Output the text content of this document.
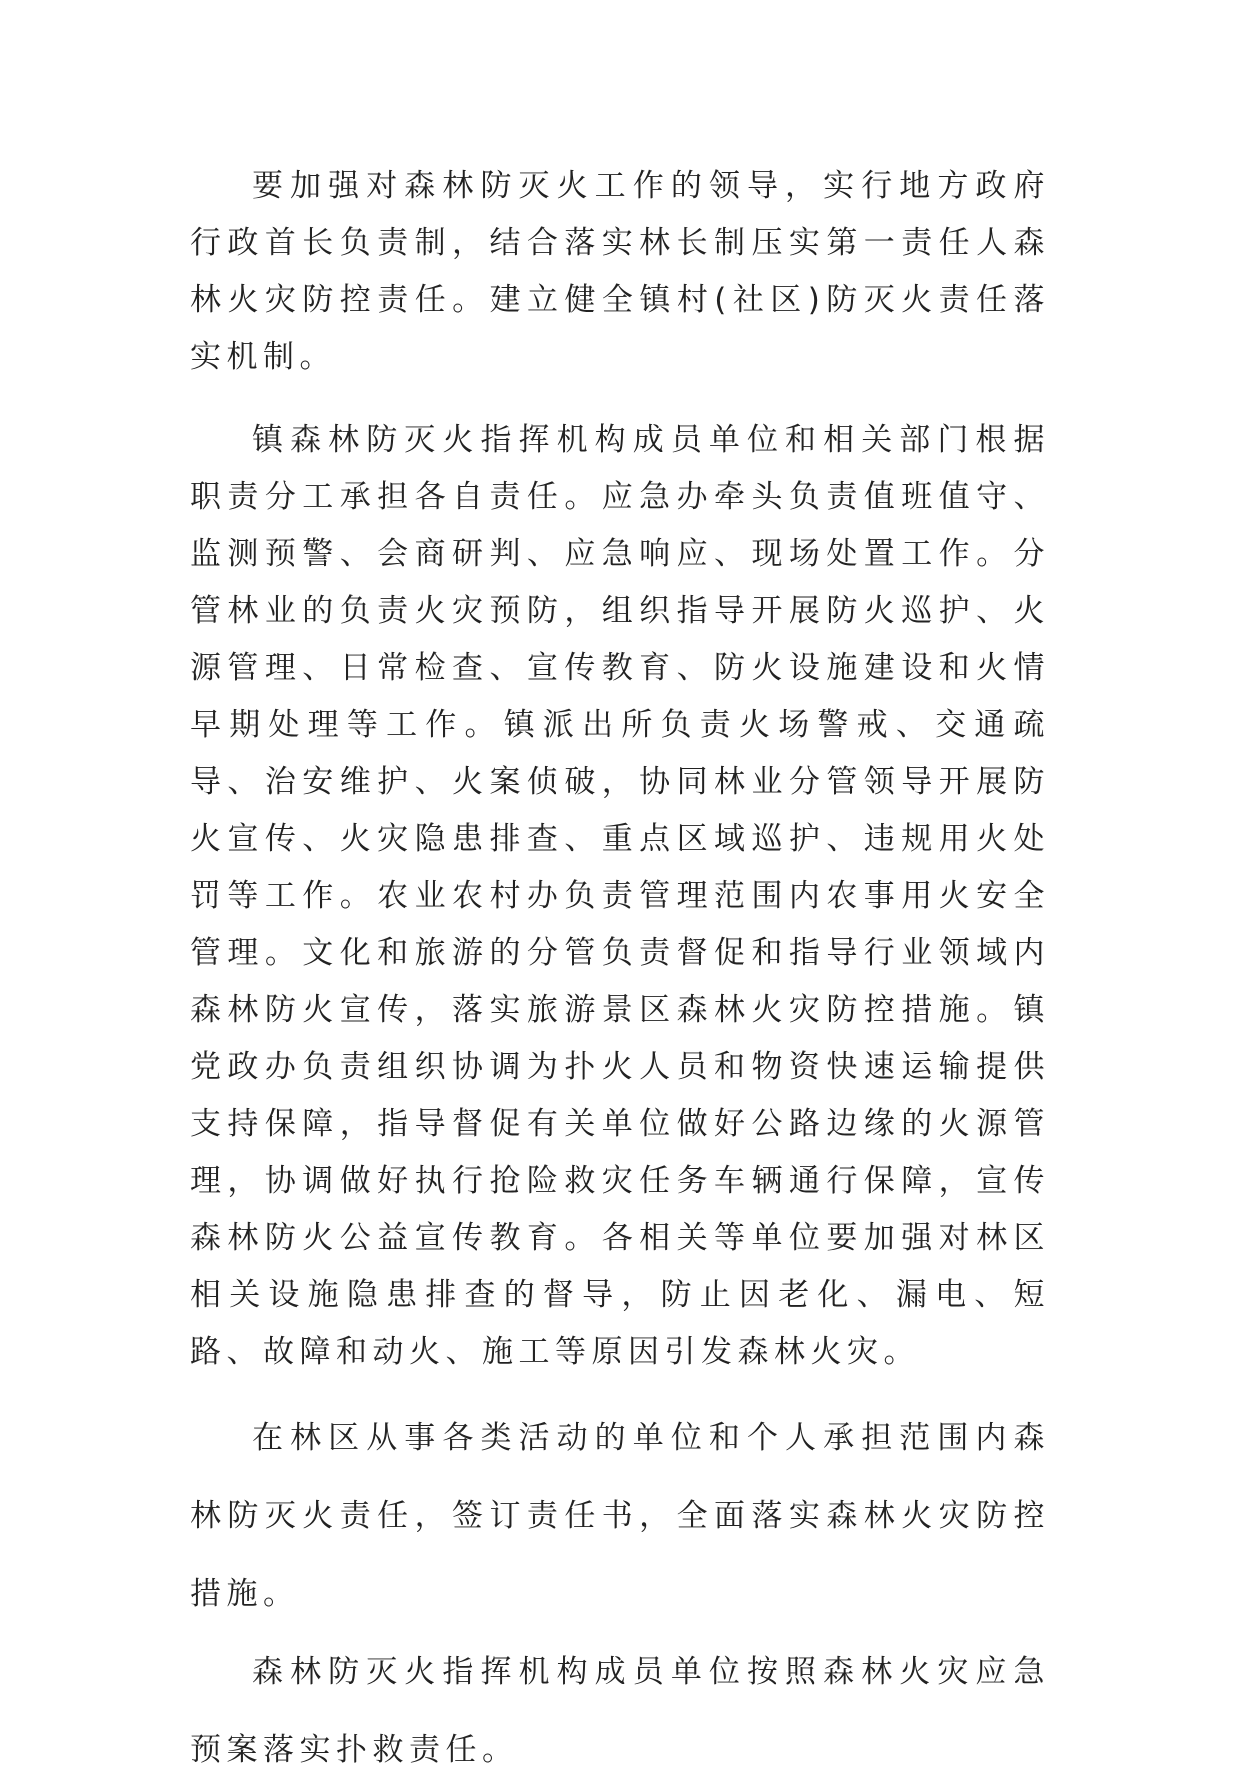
要加强对森林防灭火工作的领导，实行地方政府行政首长负责制，结合落实林长制压实第一责任人森林火灾防控责任。建立健全镇村(社区)防灭火责任落实机制。

镇森林防灭火指挥机构成员单位和相关部门根据职责分工承担各自责任。应急办牵头负责值班值守、监测预警、会商研判、应急响应、现场处置工作。分管林业的负责火灾预防，组织指导开展防火巡护、火源管理、日常检查、宣传教育、防火设施建设和火情早期处理等工作。镇派出所负责火场警戒、交通疏导、治安维护、火案侦破，协同林业分管领导开展防火宣传、火灾隐患排查、重点区域巡护、违规用火处罚等工作。农业农村办负责管理范围内农事用火安全管理。文化和旅游的分管负责督促和指导行业领域内森林防火宣传，落实旅游景区森林火灾防控措施。镇党政办负责组织协调为扑火人员和物资快速运输提供支持保障，指导督促有关单位做好公路边缘的火源管理，协调做好执行抢险救灾任务车辆通行保障，宣传森林防火公益宣传教育。各相关等单位要加强对林区相关设施隐患排查的督导，防止因老化、漏电、短路、故障和动火、施工等原因引发森林火灾。

在林区从事各类活动的单位和个人承担范围内森林防灭火责任，签订责任书，全面落实森林火灾防控措施。

森林防灭火指挥机构成员单位按照森林火灾应急预案落实扑救责任。
